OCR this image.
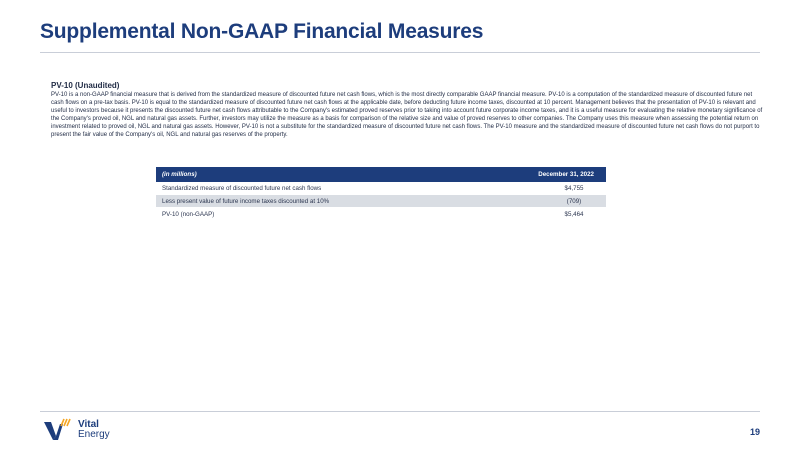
Supplemental Non-GAAP Financial Measures
PV-10 (Unaudited)
PV-10 is a non-GAAP financial measure that is derived from the standardized measure of discounted future net cash flows, which is the most directly comparable GAAP financial measure. PV-10 is a computation of the standardized measure of discounted future net cash flows on a pre-tax basis. PV-10 is equal to the standardized measure of discounted future net cash flows at the applicable date, before deducting future income taxes, discounted at 10 percent. Management believes that the presentation of PV-10 is relevant and useful to investors because it presents the discounted future net cash flows attributable to the Company's estimated proved reserves prior to taking into account future corporate income taxes, and it is a useful measure for evaluating the relative monetary significance of the Company's proved oil, NGL and natural gas assets. Further, investors may utilize the measure as a basis for comparison of the relative size and value of proved reserves to other companies. The Company uses this measure when assessing the potential return on investment related to proved oil, NGL and natural gas assets. However, PV-10 is not a substitute for the standardized measure of discounted future net cash flows. The PV-10 measure and the standardized measure of discounted future net cash flows do not purport to present the fair value of the Company's oil, NGL and natural gas reserves of the property.
(in millions)	December 31, 2022
Standardized measure of discounted future net cash flows	$4,755
Less present value of future income taxes discounted at 10%	(709)
PV-10 (non-GAAP)	$5,464
Vital
Energy	19
